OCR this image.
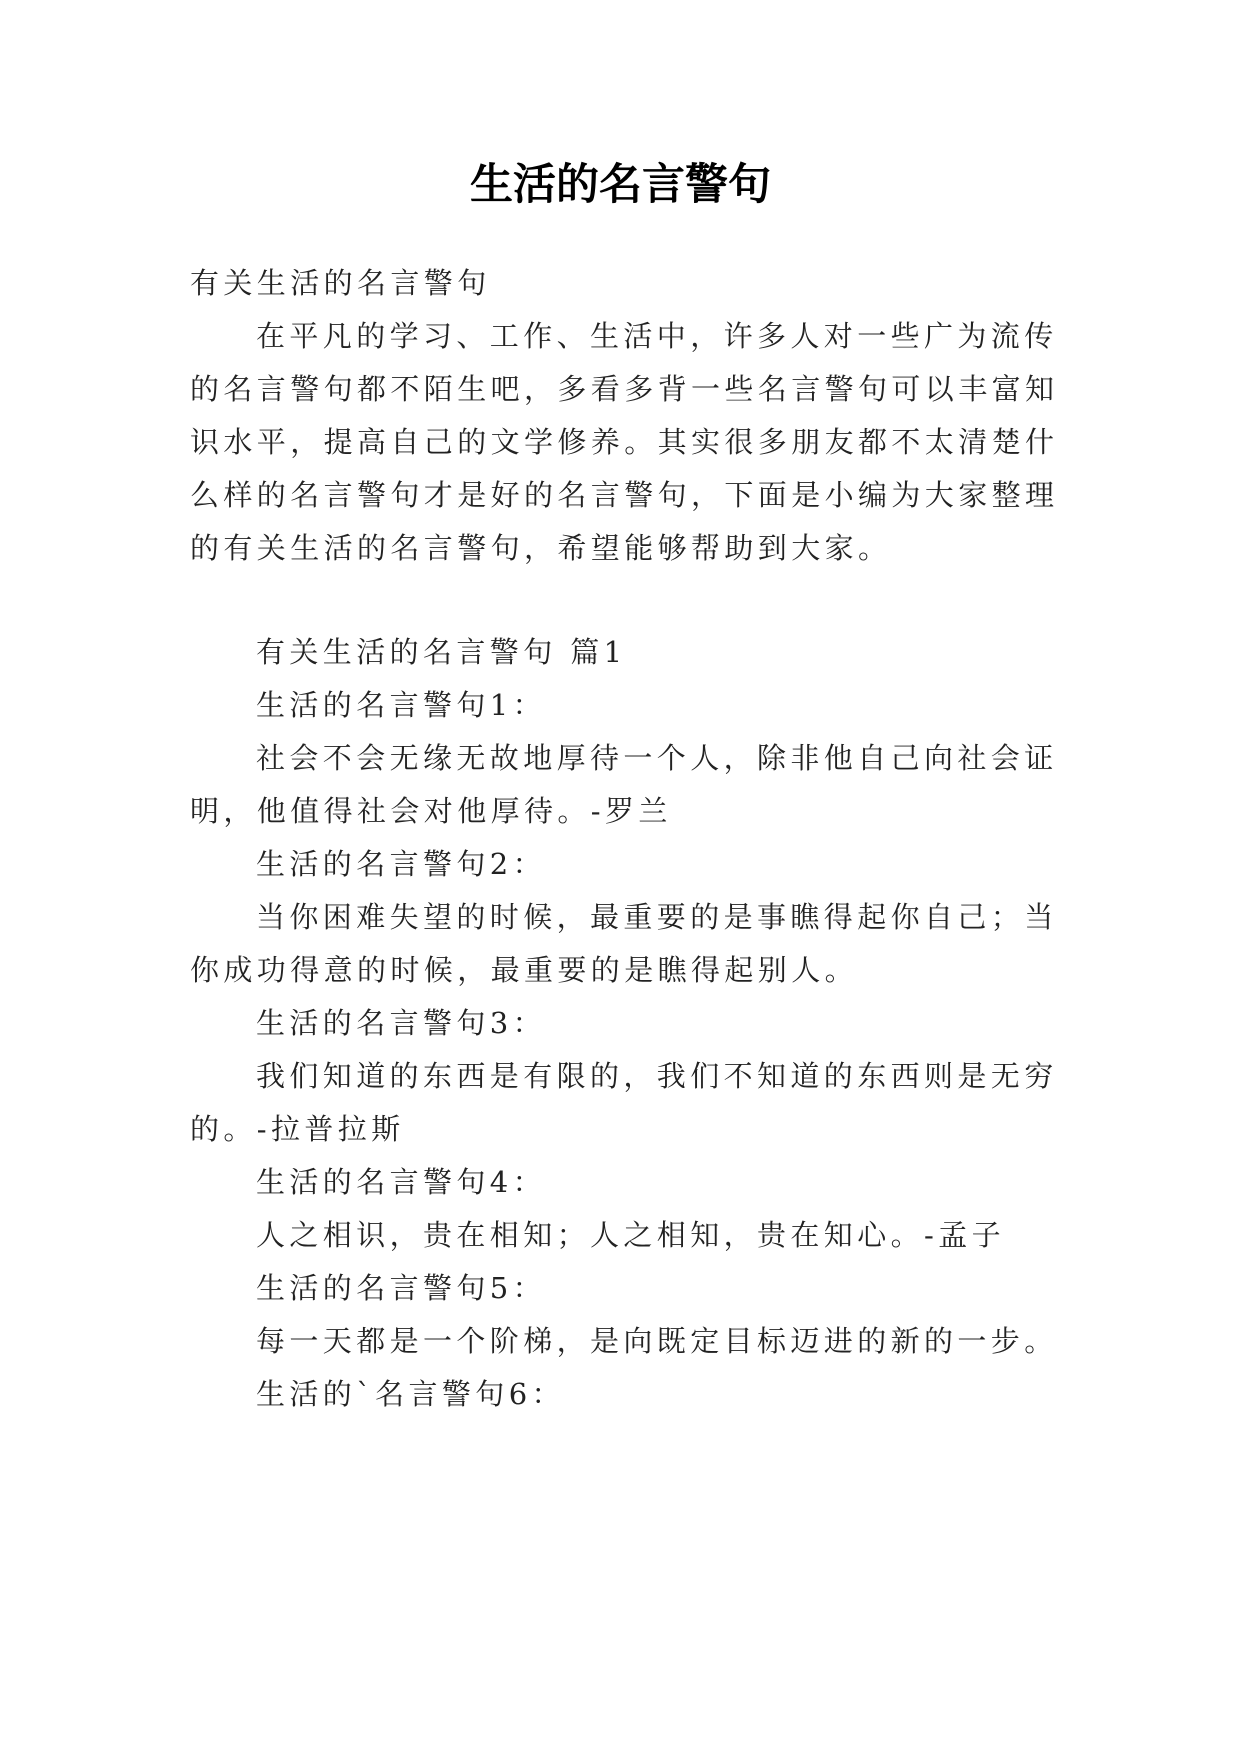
生活的名言警句
有关生活的名言警句
在平凡的学习、工作、生活中，许多人对一些广为流传
的名言警句都不陌生吧，多看多背一些名言警句可以丰富知
识水平，提高自己的文学修养。其实很多朋友都不太清楚什
么样的名言警句才是好的名言警句，下面是小编为大家整理
的有关生活的名言警句，希望能够帮助到大家。
有关生活的名言警句 篇1
生活的名言警句1：
社会不会无缘无故地厚待一个人，除非他自己向社会证
明，他值得社会对他厚待。-罗兰
生活的名言警句2：
当你困难失望的时候，最重要的是事瞧得起你自己；当
你成功得意的时候，最重要的是瞧得起别人。
生活的名言警句3：
我们知道的东西是有限的，我们不知道的东西则是无穷
的。-拉普拉斯
生活的名言警句4：
人之相识，贵在相知；人之相知，贵在知心。-孟子
生活的名言警句5：
每一天都是一个阶梯，是向既定目标迈进的新的一步。
生活的`名言警句6：
